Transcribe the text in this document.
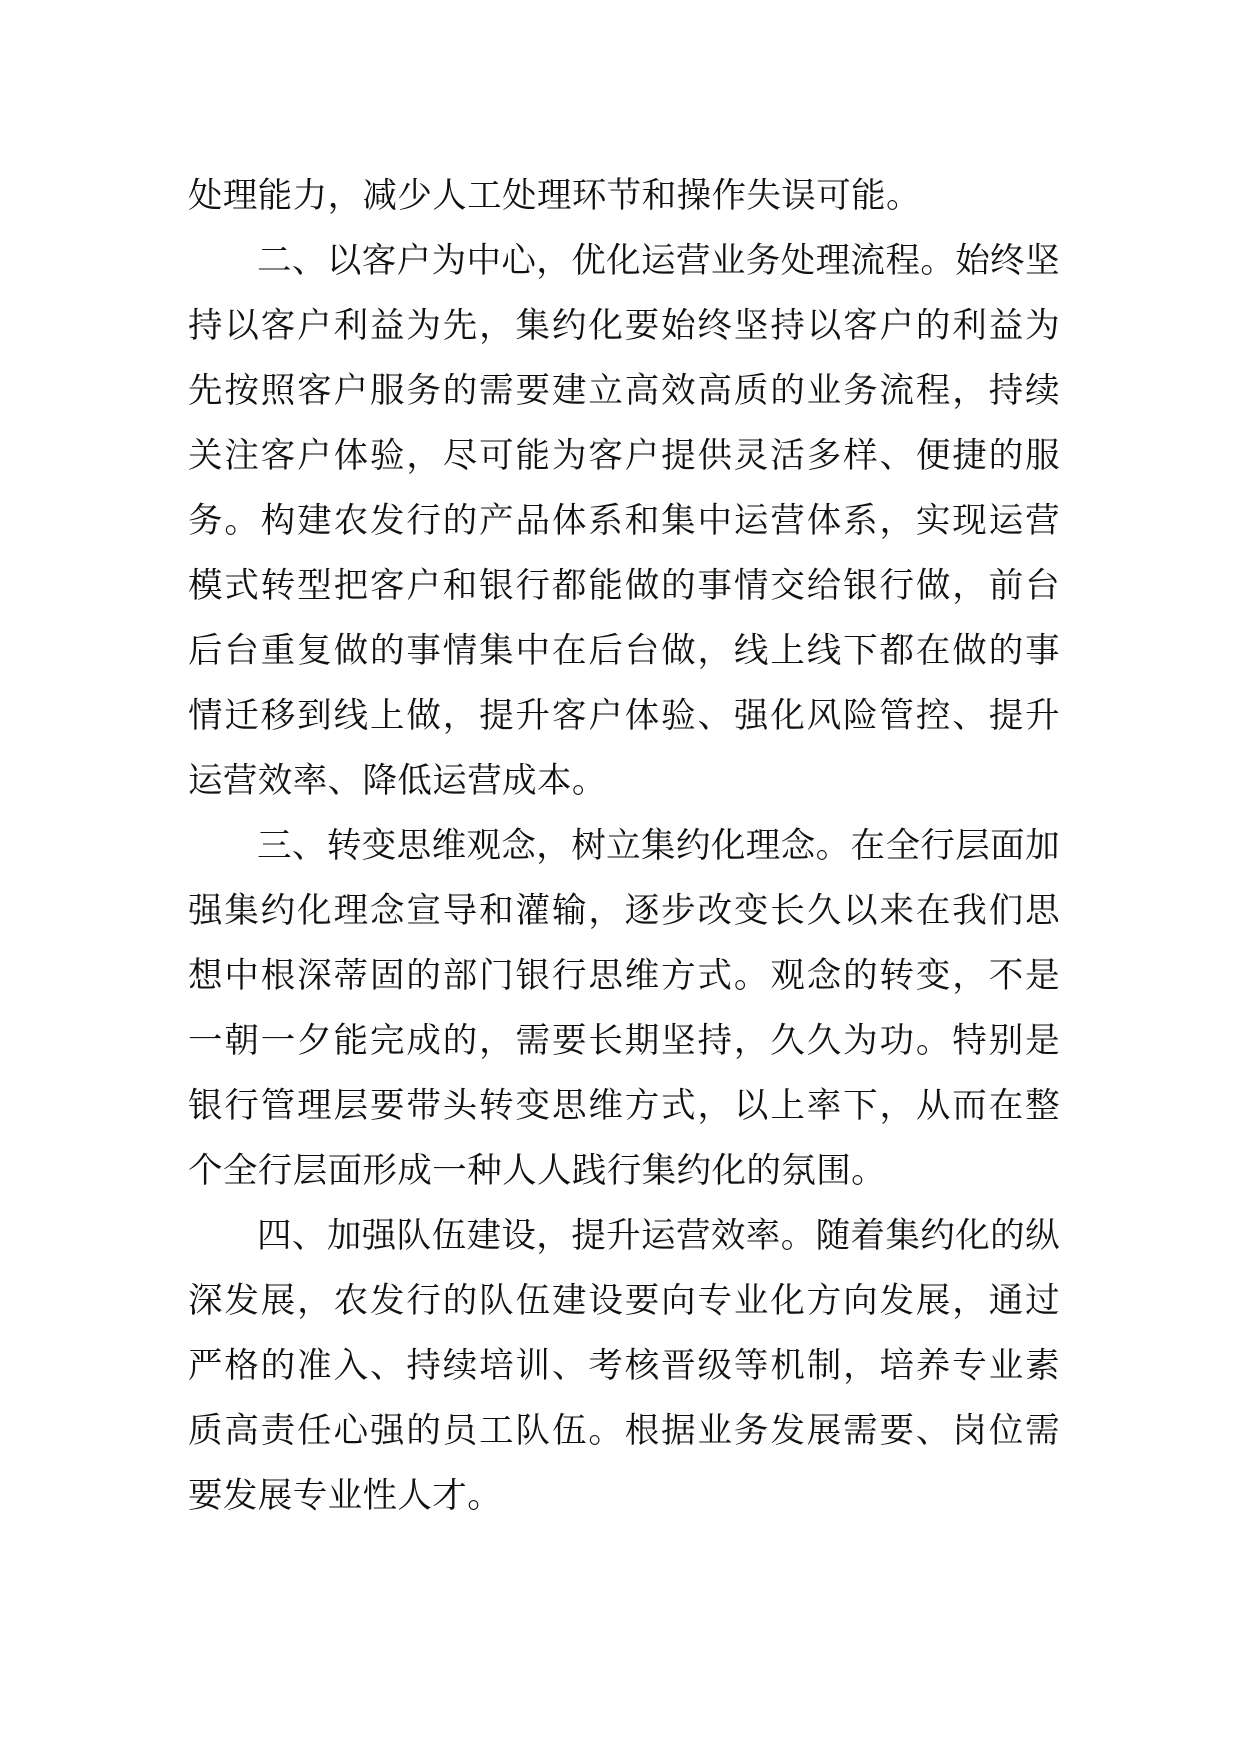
处理能力，减少人工处理环节和操作失误可能。

二、以客户为中心，优化运营业务处理流程。始终坚持以客户利益为先，集约化要始终坚持以客户的利益为先按照客户服务的需要建立高效高质的业务流程，持续关注客户体验，尽可能为客户提供灵活多样、便捷的服务。构建农发行的产品体系和集中运营体系，实现运营模式转型把客户和银行都能做的事情交给银行做，前台后台重复做的事情集中在后台做，线上线下都在做的事情迁移到线上做，提升客户体验、强化风险管控、提升运营效率、降低运营成本。

三、转变思维观念，树立集约化理念。在全行层面加强集约化理念宣导和灌输，逐步改变长久以来在我们思想中根深蒂固的部门银行思维方式。观念的转变，不是一朝一夕能完成的，需要长期坚持，久久为功。特别是银行管理层要带头转变思维方式，以上率下，从而在整个全行层面形成一种人人践行集约化的氛围。

四、加强队伍建设，提升运营效率。随着集约化的纵深发展，农发行的队伍建设要向专业化方向发展，通过严格的准入、持续培训、考核晋级等机制，培养专业素质高责任心强的员工队伍。根据业务发展需要、岗位需要发展专业性人才。
